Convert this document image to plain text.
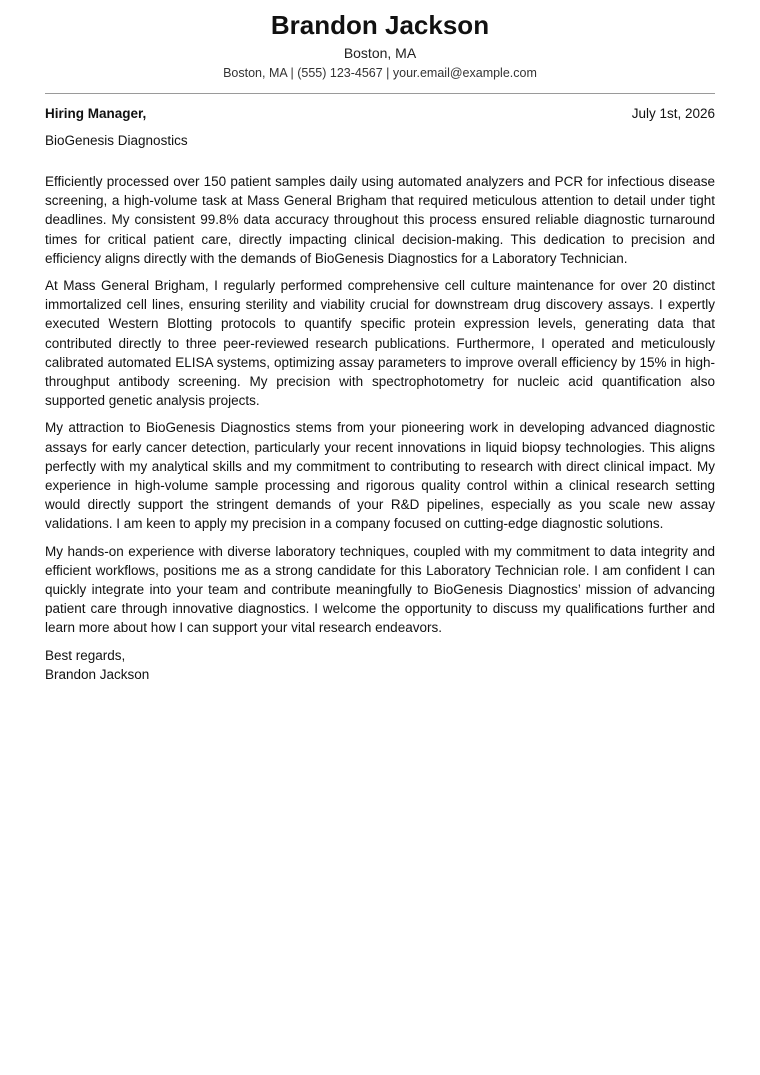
Brandon Jackson
Boston, MA
Boston, MA | (555) 123-4567 | your.email@example.com
Hiring Manager,	July 1st, 2026
BioGenesis Diagnostics

Efficiently processed over 150 patient samples daily using automated analyzers and PCR for infectious disease screening, a high-volume task at Mass General Brigham that required meticulous attention to detail under tight deadlines. My consistent 99.8% data accuracy throughout this process ensured reliable diagnostic turnaround times for critical patient care, directly impacting clinical decision-making. This dedication to precision and efficiency aligns directly with the demands of BioGenesis Diagnostics for a Laboratory Technician.

At Mass General Brigham, I regularly performed comprehensive cell culture maintenance for over 20 distinct immortalized cell lines, ensuring sterility and viability crucial for downstream drug discovery assays. I expertly executed Western Blotting protocols to quantify specific protein expression levels, generating data that contributed directly to three peer-reviewed research publications. Furthermore, I operated and meticulously calibrated automated ELISA systems, optimizing assay parameters to improve overall efficiency by 15% in high-throughput antibody screening. My precision with spectrophotometry for nucleic acid quantification also supported genetic analysis projects.

My attraction to BioGenesis Diagnostics stems from your pioneering work in developing advanced diagnostic assays for early cancer detection, particularly your recent innovations in liquid biopsy technologies. This aligns perfectly with my analytical skills and my commitment to contributing to research with direct clinical impact. My experience in high-volume sample processing and rigorous quality control within a clinical research setting would directly support the stringent demands of your R&D pipelines, especially as you scale new assay validations. I am keen to apply my precision in a company focused on cutting-edge diagnostic solutions.

My hands-on experience with diverse laboratory techniques, coupled with my commitment to data integrity and efficient workflows, positions me as a strong candidate for this Laboratory Technician role. I am confident I can quickly integrate into your team and contribute meaningfully to BioGenesis Diagnostics’ mission of advancing patient care through innovative diagnostics. I welcome the opportunity to discuss my qualifications further and learn more about how I can support your vital research endeavors.

Best regards,

Brandon Jackson
